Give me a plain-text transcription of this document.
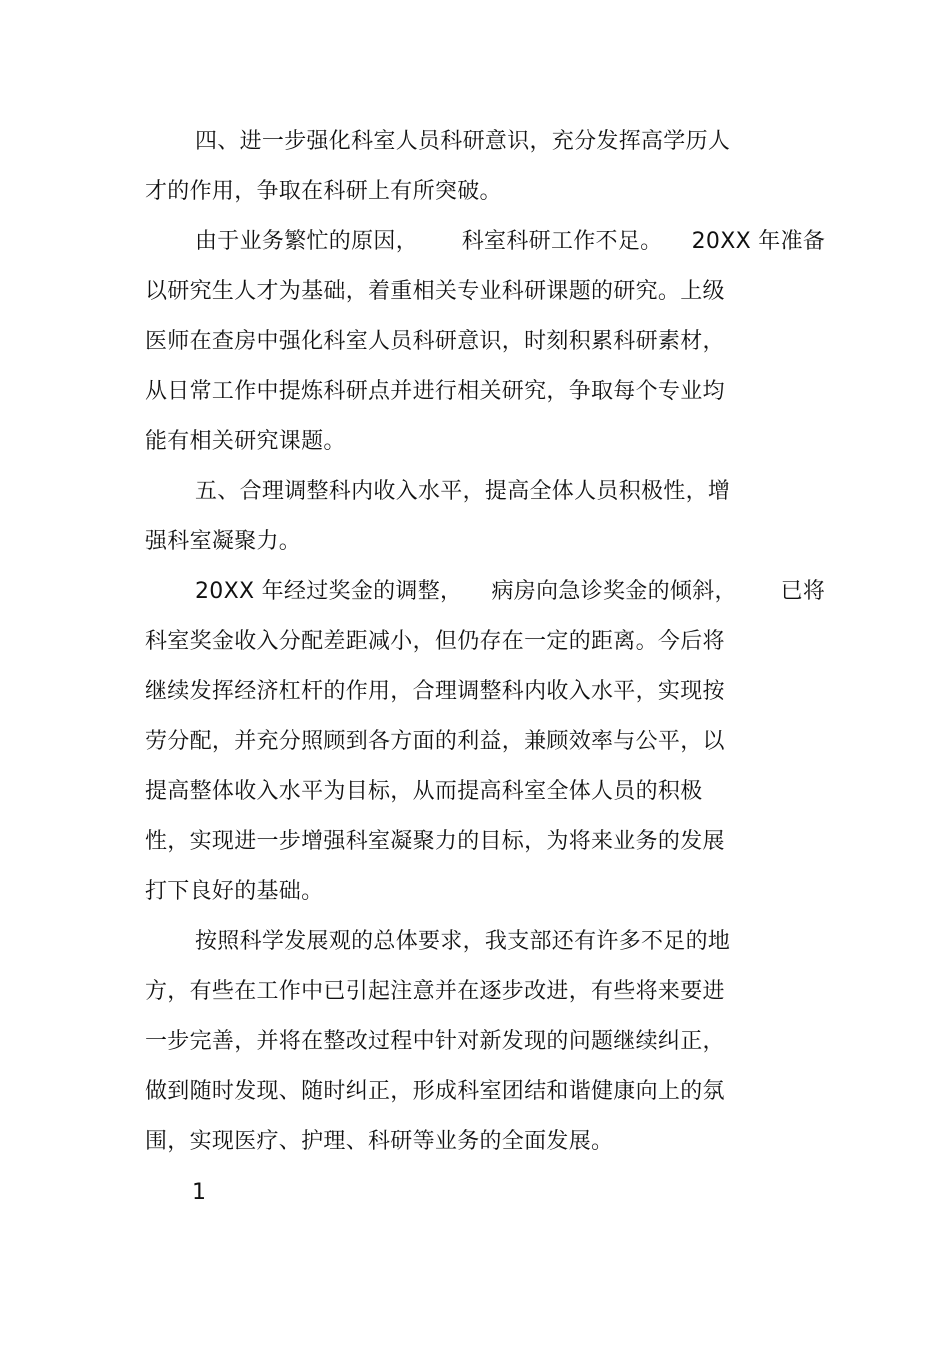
四、进一步强化科室人员科研意识，充分发挥高学历人
才的作用，争取在科研上有所突破。
由于业务繁忙的原因，      科室科研工作不足。    20XX 年准备
以研究生人才为基础，着重相关专业科研课题的研究。上级
医师在查房中强化科室人员科研意识，时刻积累科研素材，
从日常工作中提炼科研点并进行相关研究，争取每个专业均
能有相关研究课题。
五、合理调整科内收入水平，提高全体人员积极性，增
强科室凝聚力。
20XX 年经过奖金的调整，    病房向急诊奖金的倾斜，      已将
科室奖金收入分配差距减小，但仍存在一定的距离。今后将
继续发挥经济杠杆的作用，合理调整科内收入水平，实现按
劳分配，并充分照顾到各方面的利益，兼顾效率与公平，以
提高整体收入水平为目标，从而提高科室全体人员的积极
性，实现进一步增强科室凝聚力的目标，为将来业务的发展
打下良好的基础。
按照科学发展观的总体要求，我支部还有许多不足的地
方，有些在工作中已引起注意并在逐步改进，有些将来要进
一步完善，并将在整改过程中针对新发现的问题继续纠正，
做到随时发现、随时纠正，形成科室团结和谐健康向上的氛
围，实现医疗、护理、科研等业务的全面发展。
1
